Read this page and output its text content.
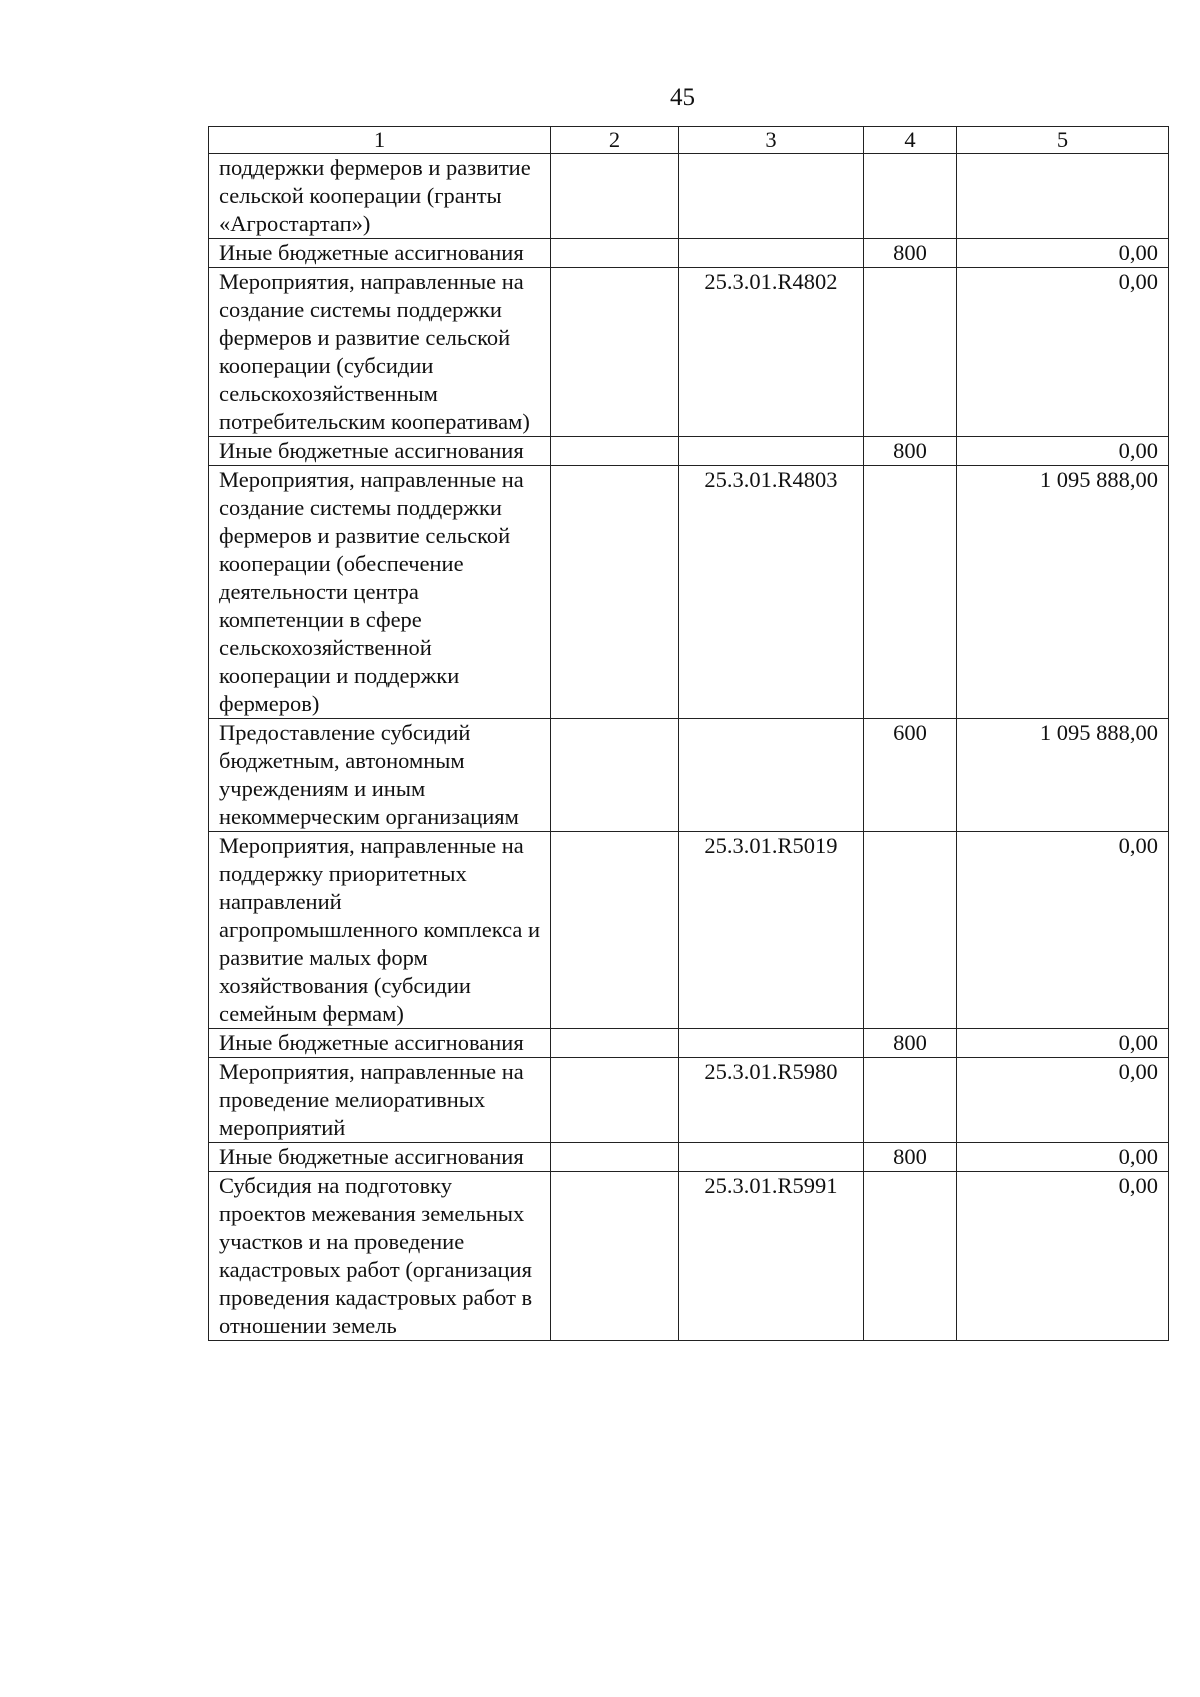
45
1	2	3	4	5
поддержки фермеров и развитие сельской кооперации (гранты «Агростартап»)				
Иные бюджетные ассигнования			800	0,00
Мероприятия, направленные на создание системы поддержки фермеров и развитие сельской кооперации (субсидии сельскохозяйственным потребительским кооперативам)		25.3.01.R4802		0,00
Иные бюджетные ассигнования			800	0,00
Мероприятия, направленные на создание системы поддержки фермеров и развитие сельской кооперации (обеспечение деятельности центра компетенции в сфере сельскохозяйственной кооперации и поддержки фермеров)		25.3.01.R4803		1 095 888,00
Предоставление субсидий бюджетным, автономным учреждениям и иным некоммерческим организациям			600	1 095 888,00
Мероприятия, направленные на поддержку приоритетных направлений агропромышленного комплекса и развитие малых форм хозяйствования (субсидии семейным фермам)		25.3.01.R5019		0,00
Иные бюджетные ассигнования			800	0,00
Мероприятия, направленные на проведение мелиоративных мероприятий		25.3.01.R5980		0,00
Иные бюджетные ассигнования			800	0,00
Субсидия на подготовку проектов межевания земельных участков и на проведение кадастровых работ (организация проведения кадастровых работ в отношении земель		25.3.01.R5991		0,00
